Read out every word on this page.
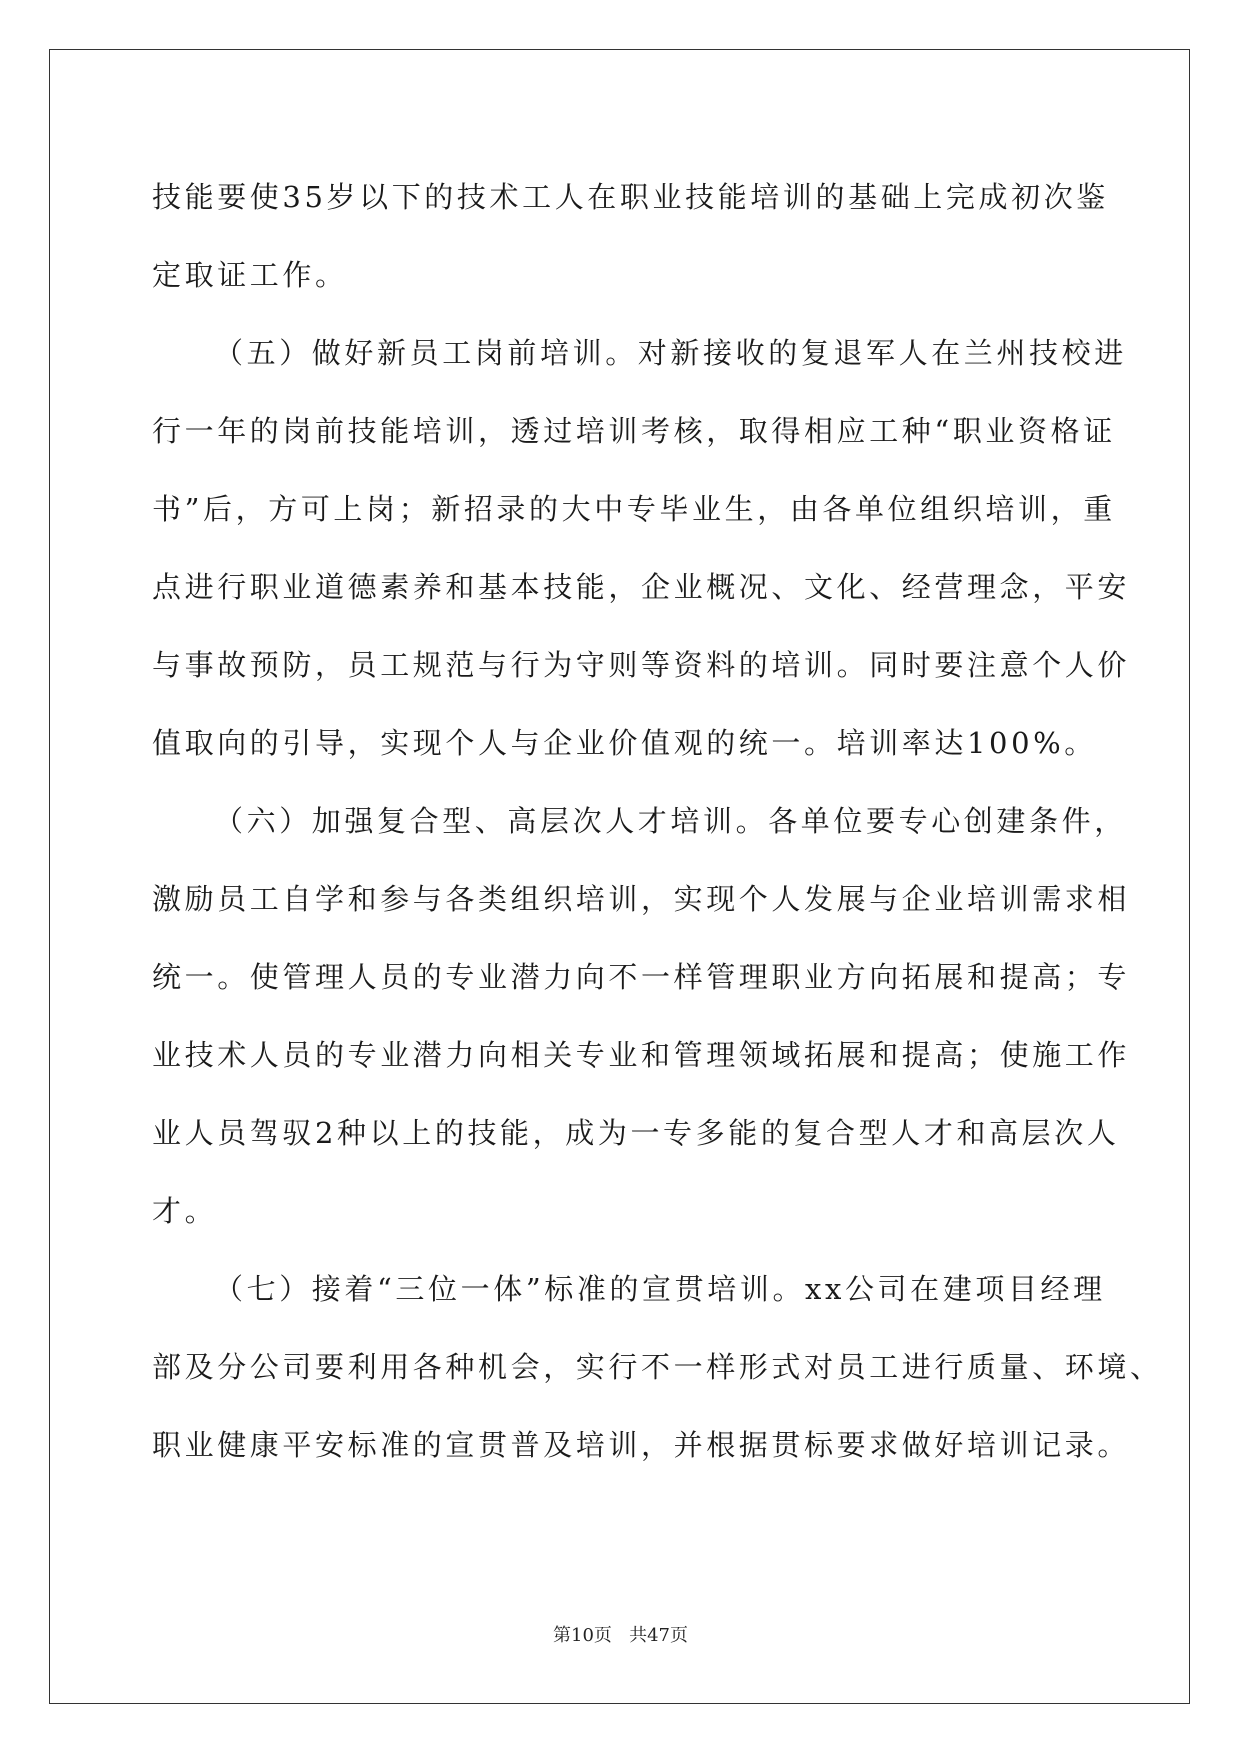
技能要使35岁以下的技术工人在职业技能培训的基础上完成初次鉴
定取证工作。
（五）做好新员工岗前培训。对新接收的复退军人在兰州技校进
行一年的岗前技能培训，透过培训考核，取得相应工种“职业资格证
书”后，方可上岗；新招录的大中专毕业生，由各单位组织培训，重
点进行职业道德素养和基本技能，企业概况、文化、经营理念，平安
与事故预防，员工规范与行为守则等资料的培训。同时要注意个人价
值取向的引导，实现个人与企业价值观的统一。培训率达100%。
（六）加强复合型、高层次人才培训。各单位要专心创建条件，
激励员工自学和参与各类组织培训，实现个人发展与企业培训需求相
统一。使管理人员的专业潜力向不一样管理职业方向拓展和提高；专
业技术人员的专业潜力向相关专业和管理领域拓展和提高；使施工作
业人员驾驭2种以上的技能，成为一专多能的复合型人才和高层次人
才。
（七）接着“三位一体”标准的宣贯培训。xx公司在建项目经理
部及分公司要利用各种机会，实行不一样形式对员工进行质量、环境、
职业健康平安标准的宣贯普及培训，并根据贯标要求做好培训记录。
第10页 共47页
